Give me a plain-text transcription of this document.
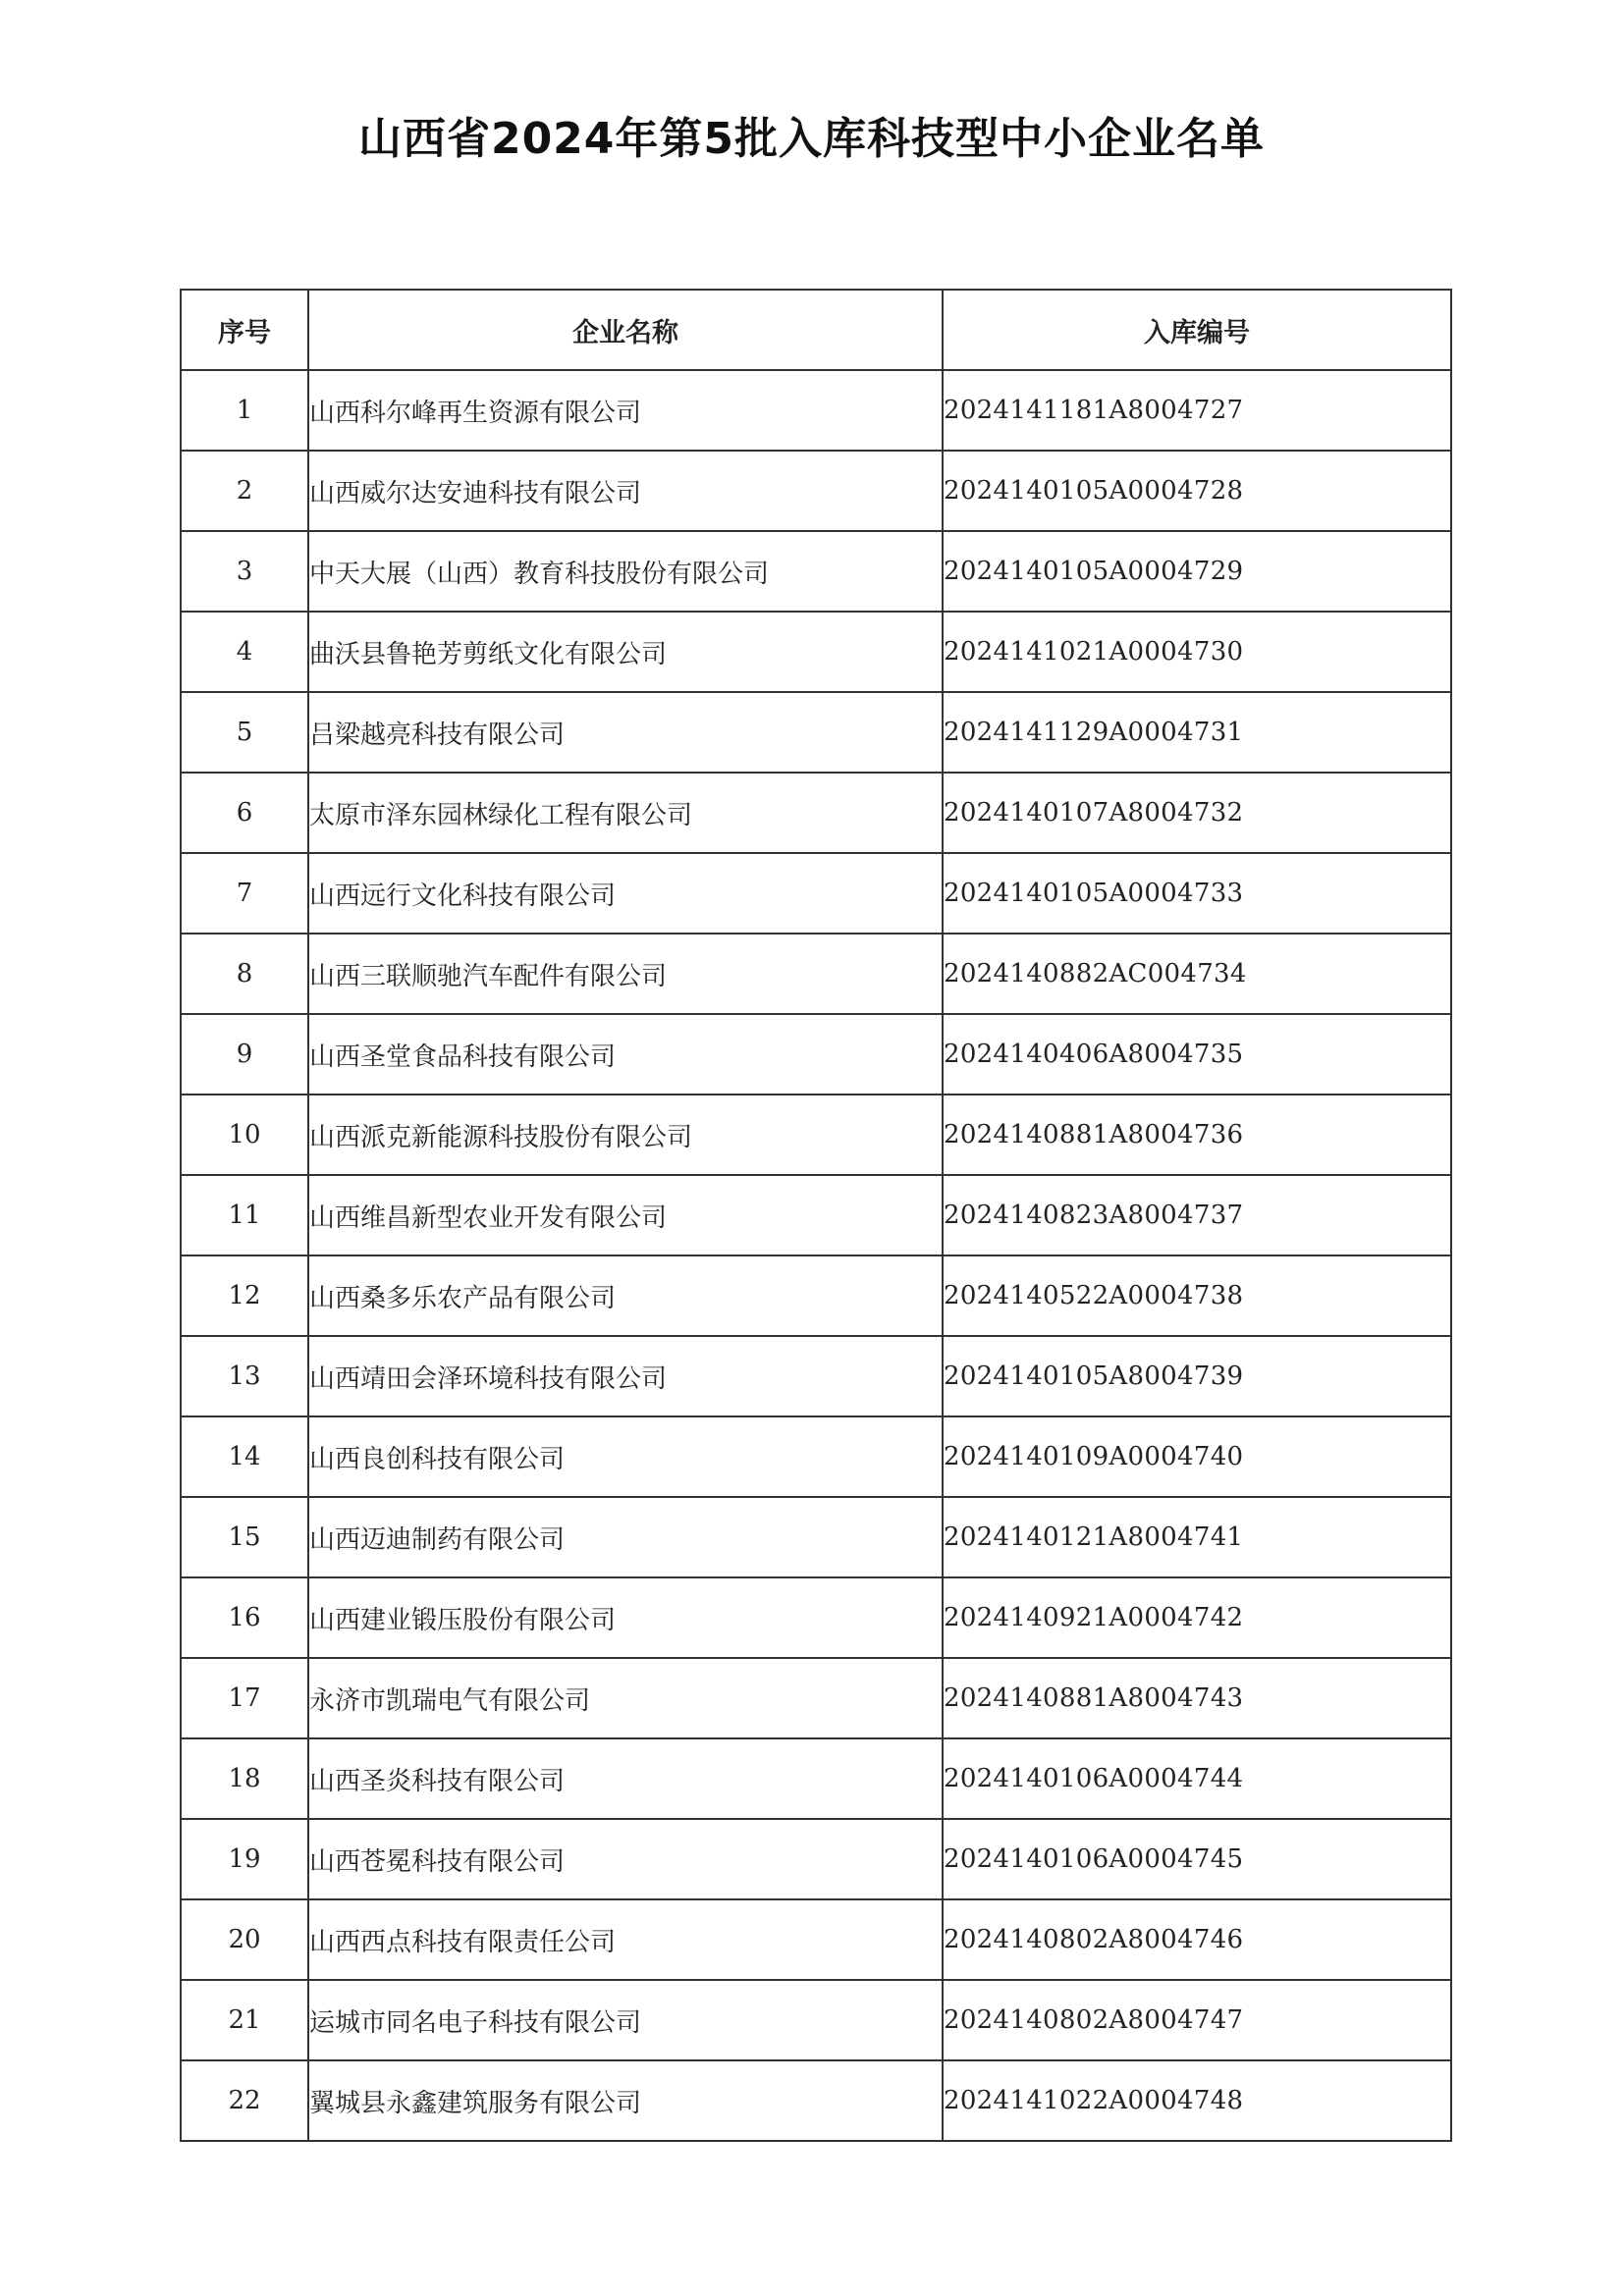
山西省2024年第5批入库科技型中小企业名单
序号	企业名称	入库编号
1	山西科尔峰再生资源有限公司	2024141181A8004727
2	山西威尔达安迪科技有限公司	2024140105A0004728
3	中天大展（山西）教育科技股份有限公司	2024140105A0004729
4	曲沃县鲁艳芳剪纸文化有限公司	2024141021A0004730
5	吕梁越亮科技有限公司	2024141129A0004731
6	太原市泽东园林绿化工程有限公司	2024140107A8004732
7	山西远行文化科技有限公司	2024140105A0004733
8	山西三联顺驰汽车配件有限公司	2024140882AC004734
9	山西圣堂食品科技有限公司	2024140406A8004735
10	山西派克新能源科技股份有限公司	2024140881A8004736
11	山西维昌新型农业开发有限公司	2024140823A8004737
12	山西桑多乐农产品有限公司	2024140522A0004738
13	山西靖田会泽环境科技有限公司	2024140105A8004739
14	山西良创科技有限公司	2024140109A0004740
15	山西迈迪制药有限公司	2024140121A8004741
16	山西建业锻压股份有限公司	2024140921A0004742
17	永济市凯瑞电气有限公司	2024140881A8004743
18	山西圣炎科技有限公司	2024140106A0004744
19	山西苍冕科技有限公司	2024140106A0004745
20	山西西点科技有限责任公司	2024140802A8004746
21	运城市同名电子科技有限公司	2024140802A8004747
22	翼城县永鑫建筑服务有限公司	2024141022A0004748
